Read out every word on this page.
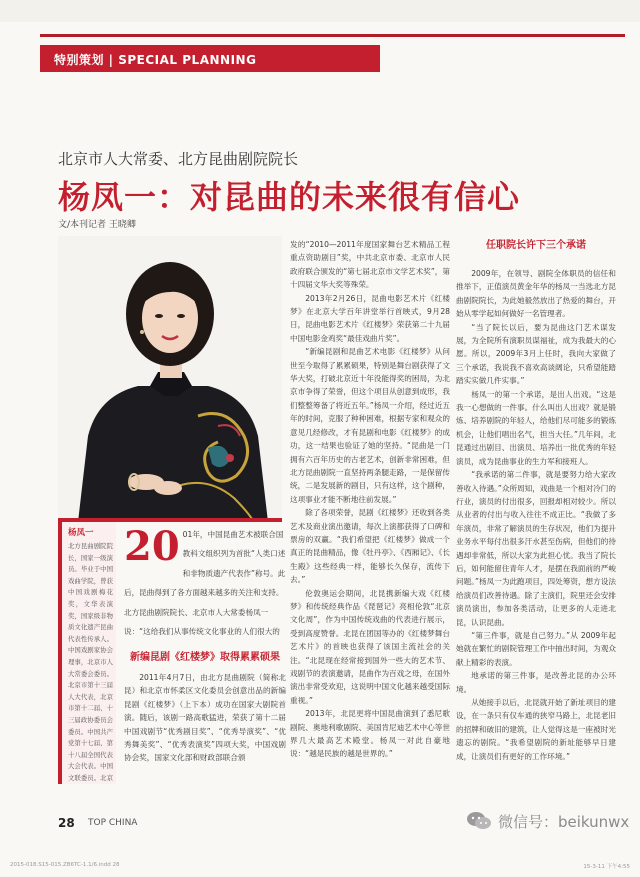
特别策划 | SPECIAL PLANNING
北京市人大常委、北方昆曲剧院院长
杨凤一：对昆曲的未来很有信心
文/本刊记者 王晓卿
杨凤一
北方昆曲剧院院长，国家一级演员。毕业于中国戏曲学院，曾获中国戏剧梅花奖，文华表演奖，国家级非物质文化遗产昆曲代表性传承人。中国戏剧家协会理事，北京市人大常委会委员。北京市第十三届人大代表，北京市第十二届、十三届政协委员会委员。中国共产党第十七届、第十八届全国代表大会代表。中国文联委员。北京
20 01年，中国昆曲艺术被联合国教科文组织列为首批“人类口述和非物质遗产代表作”称号。此后，昆曲得到了各方面越来越多的关注和支持。北方昆曲剧院院长、北京市人大常委杨凤一说：“这给我们从事传统文化事业的人们很大的
新编昆剧《红楼梦》取得累累硕果

2011年4月7日，由北方昆曲剧院（简称北昆）和北京市怀柔区文化委员会创意出品的新编昆剧《红楼梦》（上下本）成功在国家大剧院首演。随后，该剧一路高歌猛进，荣获了第十二届中国戏剧节“优秀剧目奖”、“优秀导演奖”、“优秀舞美奖”、“优秀表演奖”四项大奖，中国戏剧协会奖，国家文化部和财政部联合颁

发的“2010—2011年度国家舞台艺术精品工程重点资助剧目”奖，中共北京市委、北京市人民政府联合颁发的“第七届北京市文学艺术奖”，第十四届文华大奖等殊荣。

2013年2月26日，昆曲电影艺术片《红楼梦》在北京大学百年讲堂举行首映式，9月28日，昆曲电影艺术片《红楼梦》荣获第二十九届中国电影金鸡奖“最佳戏曲片奖”。

“新编昆剧和昆曲艺术电影《红楼梦》从问世至今取得了累累硕果，特别是舞台剧获得了文华大奖，打破北京近十年没能得奖的困局，为北京市争得了荣誉，但这个项目从创意到成形，我们整整筹备了将近五年。”杨凤一介绍，经过近五年的时间，克服了种种困难，根据专家和观众的意见几经修改，才有昆剧和电影《红楼梦》的成功，这一结果也验证了她的坚持。“昆曲是一门拥有六百年历史的古老艺术，创新非常困难，但北方昆曲剧院一直坚持两条腿走路，一是保留传统，二是发展新的剧目，只有这样，这个剧种，这项事业才能不断地往前发展。”

除了各项荣誉，昆剧《红楼梦》还收到各类艺术及商业演出邀请，每次上演都获得了口碑和票房的双赢。“我们希望把《红楼梦》做成一个真正的昆曲精品，像《牡丹亭》、《西厢记》、《长生殿》这些经典一样，能够长久保存，流传下去。”

伦敦奥运会期间，北昆携新编大戏《红楼梦》和传统经典作品《琵琶记》亮相伦敦“北京文化周”，作为中国传统戏曲的代表进行展示，受到高度赞誉。北昆在团国等办的《红楼梦舞台艺术片》的首映也获得了该国主流社会的关注。“北昆现在经常接到国外一些大的艺术节、戏剧节的表演邀请，昆曲作为百戏之母，在国外演出非常受欢迎，这说明中国文化越来越受国际重视。”

2013年，北昆更将中国昆曲演到了悉尼歌剧院、奥地利歌剧院、美国肯尼迪艺术中心等世界几大最高艺术殿堂。杨凤一对此自豪地说：“越是民族的越是世界的。”

任职院长许下三个承诺

2009年，在领导、剧院全体职员的信任和推举下，正值演员黄金年华的杨凤一当选北方昆曲剧院院长，为此她毅然放出了热爱的舞台，开始从零学起如何做好一名管理者。

“当了院长以后，要为昆曲这门艺术谋发展，为全院所有演职员谋福祉，成为我最大的心愿。所以，2009年3月上任时，我向大家做了三个承诺，我说我不喜欢高谈阔论，只希望能踏踏实实做几件实事。”

杨凤一的第一个承诺，是出人出戏。“这是我一心想做的一件事。什么叫出人出戏？就是锻炼、培养剧院的年轻人，给他们尽可能多的锻炼机会，让他们唱出名气，担当大任。”几年间，北昆通过出剧目、出演员、培养出一批优秀的年轻演员，成为昆曲事业的生力军和接班人。

“我承诺的第二件事，就是要努力给大家改善收入待遇。”众所周知，戏曲是一个相对冷门的行业，演员的付出很多，回报却相对较少。所以从业者的付出与收入往往不成正比。“我做了多年演员，非常了解演员的生存状况，他们为提升业务水平每付出很多汗水甚至伤病，但他们的待遇却非常低，所以大家为此担心忧。我当了院长后，如何能留住青年人才，是摆在我面前的严峻问题。”杨凤一为此跑项目，四处筹资，想方设法给演员们改善待遇。除了主演们，院里还会安排演员演出，参加各类活动，让更多的人走进北昆，认识昆曲。

“第三件事，就是自己努力。”从 2009年起她就在繁忙的剧院管理工作中抽出时间，为观众献上精彩的表演。

地承诺的第三件事，是改善北昆的办公环境。

从她接手以后，北昆就开始了新址项目的建设，在一条只有仅车通的狭窄马路上，北昆老旧的招牌和破旧的建筑，让人觉得这是一座被时光遗忘的剧院。“我希望剧院的新址能够早日建成，让演员们有更好的工作环境。”

28 TOP CHINA	微信号：beikunwx
2015-018.S15-015.ZB6TC-1.1/6.indd 28	15-3-11 下午4:55
